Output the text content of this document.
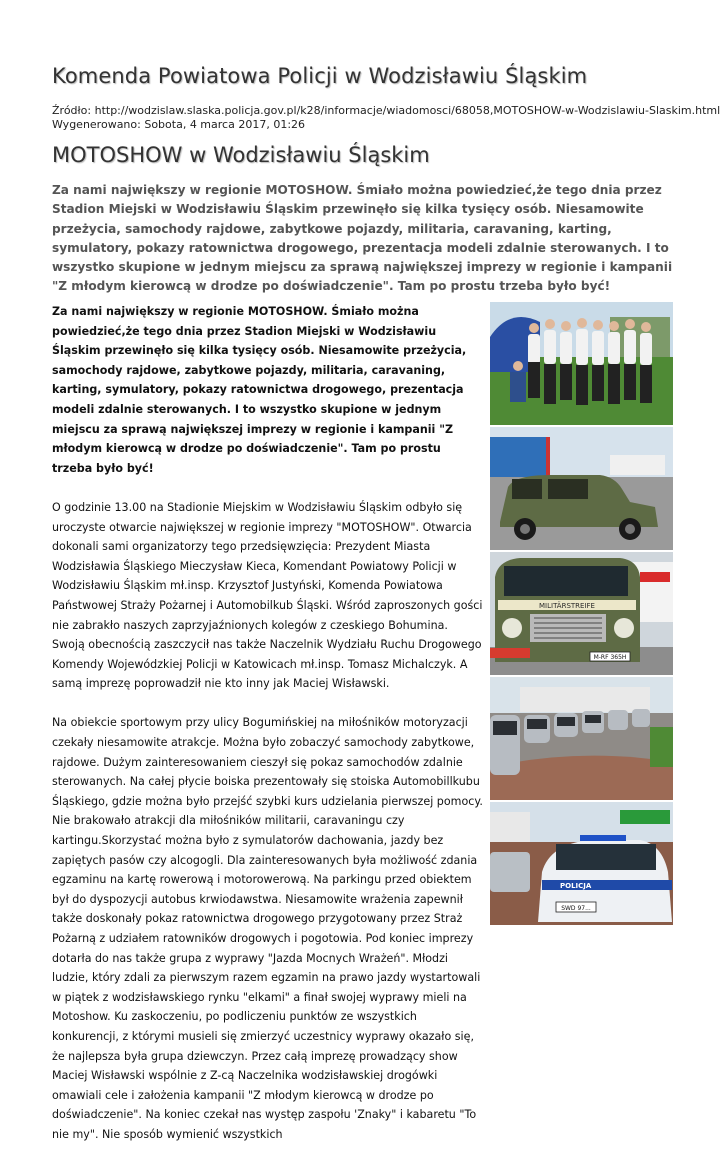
Komenda Powiatowa Policji w Wodzisławiu Śląskim
Źródło: http://wodzislaw.slaska.policja.gov.pl/k28/informacje/wiadomosci/68058,MOTOSHOW-w-Wodzislawiu-Slaskim.html
Wygenerowano: Sobota, 4 marca 2017, 01:26
MOTOSHOW w Wodzisławiu Śląskim

Za nami największy w regionie MOTOSHOW. Śmiało można powiedzieć,że tego dnia przez Stadion Miejski w Wodzisławiu Śląskim przewinęło się kilka tysięcy osób. Niesamowite przeżycia, samochody rajdowe, zabytkowe pojazdy, militaria, caravaning, karting, symulatory, pokazy ratownictwa drogowego, prezentacja modeli zdalnie sterowanych. I to wszystko skupione w jednym miejscu za sprawą największej imprezy w regionie i kampanii "Z młodym kierowcą w drodze po doświadczenie". Tam po prostu trzeba było być!

Za nami największy w regionie MOTOSHOW. Śmiało można powiedzieć,że tego dnia przez Stadion Miejski w Wodzisławiu Śląskim przewinęło się kilka tysięcy osób. Niesamowite przeżycia, samochody rajdowe, zabytkowe pojazdy, militaria, caravaning, karting, symulatory, pokazy ratownictwa drogowego, prezentacja modeli zdalnie sterowanych. I to wszystko skupione w jednym miejscu za sprawą największej imprezy w regionie i kampanii "Z młodym kierowcą w drodze po doświadczenie". Tam po prostu trzeba było być!

O godzinie 13.00 na Stadionie Miejskim w Wodzisławiu Śląskim odbyło się uroczyste otwarcie największej w regionie imprezy "MOTOSHOW". Otwarcia dokonali sami organizatorzy tego przedsięwzięcia: Prezydent Miasta Wodzisławia Śląskiego Mieczysław Kieca, Komendant Powiatowy Policji w Wodzisławiu Śląskim mł.insp. Krzysztof Justyński, Komenda Powiatowa Państwowej Straży Pożarnej i Automobilkub Śląski. Wśród zaproszonych gości nie zabrakło naszych zaprzyjaźnionych kolegów z czeskiego Bohumina. Swoją obecnością zaszczycił nas także Naczelnik Wydziału Ruchu Drogowego Komendy Wojewódzkiej Policji w Katowicach mł.insp. Tomasz Michalczyk. A samą imprezę poprowadził nie kto inny jak Maciej Wisławski.

Na obiekcie sportowym przy ulicy Bogumińskiej na miłośników motoryzacji czekały niesamowite atrakcje. Można było zobaczyć samochody zabytkowe, rajdowe. Dużym zainteresowaniem cieszył się pokaz samochodów zdalnie sterowanych. Na całej płycie boiska prezentowały się stoiska Automobillkubu Śląskiego, gdzie można było przejść szybki kurs udzielania pierwszej pomocy. Nie brakowało atrakcji dla miłośników militarii, caravaningu czy kartingu.Skorzystać można było z symulatorów dachowania, jazdy bez zapiętych pasów czy alcogogli. Dla zainteresowanych była możliwość zdania egzaminu na kartę rowerową i motorowerową. Na parkingu przed obiektem był do dyspozycji autobus krwiodawstwa. Niesamowite wrażenia zapewnił także doskonały pokaz ratownictwa drogowego przygotowany przez Straż Pożarną z udziałem ratowników drogowych i pogotowia. Pod koniec imprezy dotarła do nas także grupa z wyprawy "Jazda Mocnych Wrażeń". Młodzi ludzie, który zdali za pierwszym razem egzamin na prawo jazdy wystartowali w piątek z wodzisławskiego rynku "elkami" a finał swojej wyprawy mieli na Motoshow. Ku zaskoczeniu, po podliczeniu punktów ze wszystkich konkurencji, z którymi musieli się zmierzyć uczestnicy wyprawy okazało się, że najlepsza była grupa dziewczyn. Przez całą imprezę prowadzący show Maciej Wisławski wspólnie z Z-cą Naczelnika wodzisławskiej drogówki omawiali cele i założenia kampanii "Z młodym kierowcą w drodze po doświadczenie". Na koniec czekał nas występ zaspołu 'Znaky" i kabaretu "To nie my". Nie sposób wymienić wszystkich

MILITÄRSTREIFE
M-RF 365H
POLICJA
SWD 97...
